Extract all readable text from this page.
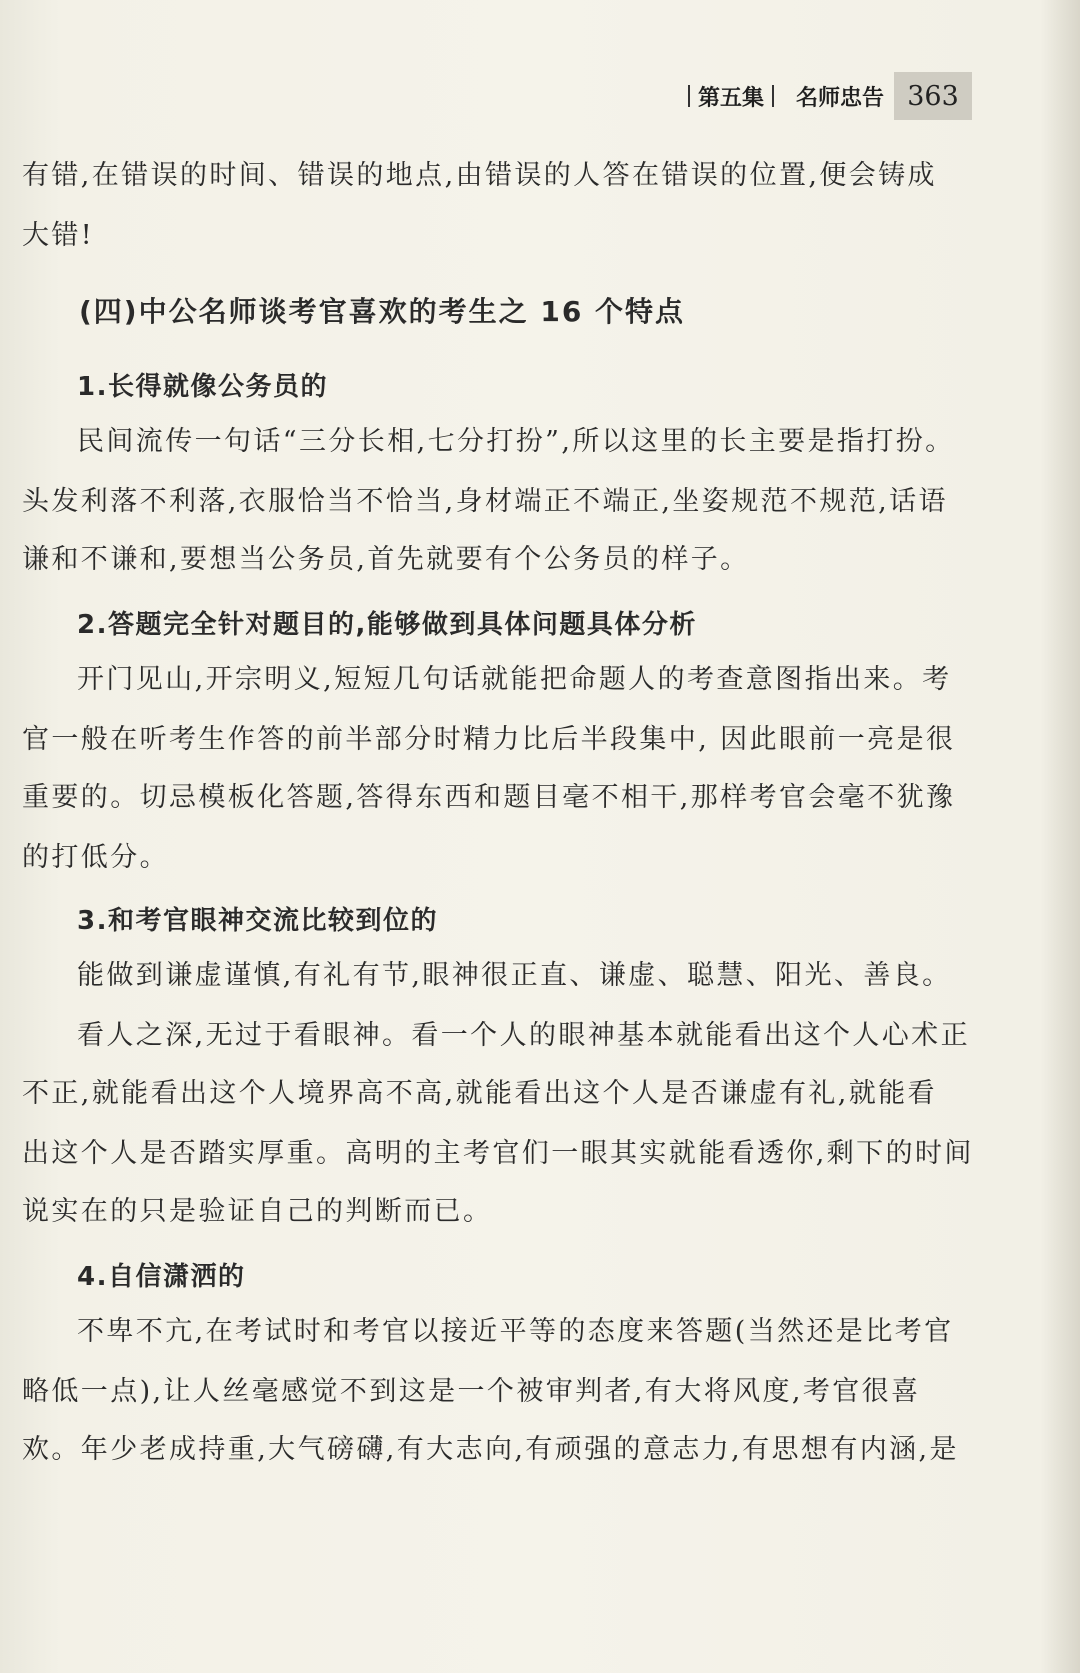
第五集 名师忠告 363
有错,在错误的时间、错误的地点,由错误的人答在错误的位置,便会铸成
大错!
(四)中公名师谈考官喜欢的考生之 16 个特点
1.长得就像公务员的
民间流传一句话“三分长相,七分打扮”,所以这里的长主要是指打扮。
头发利落不利落,衣服恰当不恰当,身材端正不端正,坐姿规范不规范,话语
谦和不谦和,要想当公务员,首先就要有个公务员的样子。
2.答题完全针对题目的,能够做到具体问题具体分析
开门见山,开宗明义,短短几句话就能把命题人的考查意图指出来。考
官一般在听考生作答的前半部分时精力比后半段集中, 因此眼前一亮是很
重要的。切忌模板化答题,答得东西和题目毫不相干,那样考官会毫不犹豫
的打低分。
3.和考官眼神交流比较到位的
能做到谦虚谨慎,有礼有节,眼神很正直、谦虚、聪慧、阳光、善良。
看人之深,无过于看眼神。看一个人的眼神基本就能看出这个人心术正
不正,就能看出这个人境界高不高,就能看出这个人是否谦虚有礼,就能看
出这个人是否踏实厚重。高明的主考官们一眼其实就能看透你,剩下的时间
说实在的只是验证自己的判断而已。
4.自信潇洒的
不卑不亢,在考试时和考官以接近平等的态度来答题(当然还是比考官
略低一点),让人丝毫感觉不到这是一个被审判者,有大将风度,考官很喜
欢。年少老成持重,大气磅礴,有大志向,有顽强的意志力,有思想有内涵,是
